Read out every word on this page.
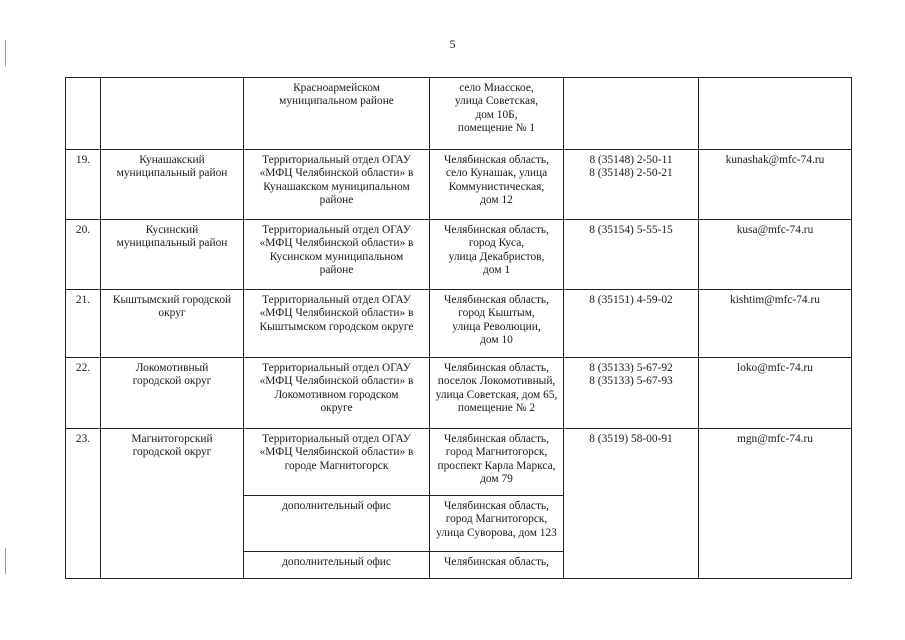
5

		Красноармейском
муниципальном районе	село Миасское,
улица Советская,
дом 10Б,
помещение № 1		

19.	Кунашакский
муниципальный район	Территориальный отдел ОГАУ
«МФЦ Челябинской области» в
Кунашакском муниципальном
районе	Челябинская область,
село Кунашак, улица
Коммунистическая,
дом 12	8 (35148) 2-50-11
8 (35148) 2-50-21	kunashak@mfc-74.ru
20.	Кусинский
муниципальный район	Территориальный отдел ОГАУ
«МФЦ Челябинской области» в
Кусинском муниципальном
районе	Челябинская область,
город Куса,
улица Декабристов,
дом 1	8 (35154) 5-55-15	kusa@mfc-74.ru
21.	Кыштымский городской
округ	Территориальный отдел ОГАУ
«МФЦ Челябинской области» в
Кыштымском городском округе	Челябинская область,
город Кыштым,
улица Революции,
дом 10	8 (35151) 4-59-02	kishtim@mfc-74.ru
22.	Локомотивный
городской округ	Территориальный отдел ОГАУ
«МФЦ Челябинской области» в
Локомотивном городском
округе	Челябинская область,
поселок Локомотивный,
улица Советская, дом 65,
помещение № 2	8 (35133) 5-67-92
8 (35133) 5-67-93	loko@mfc-74.ru
23.	Магнитогорский
городской округ	Территориальный отдел ОГАУ
«МФЦ Челябинской области» в
городе Магнитогорск	Челябинская область,
город Магнитогорск,
проспект Карла Маркса,
дом 79	8 (3519) 58-00-91	mgn@mfc-74.ru

		дополнительный офис	Челябинская область,
город Магнитогорск,
улица Суворова, дом 123		

		дополнительный офис	Челябинская область,		
